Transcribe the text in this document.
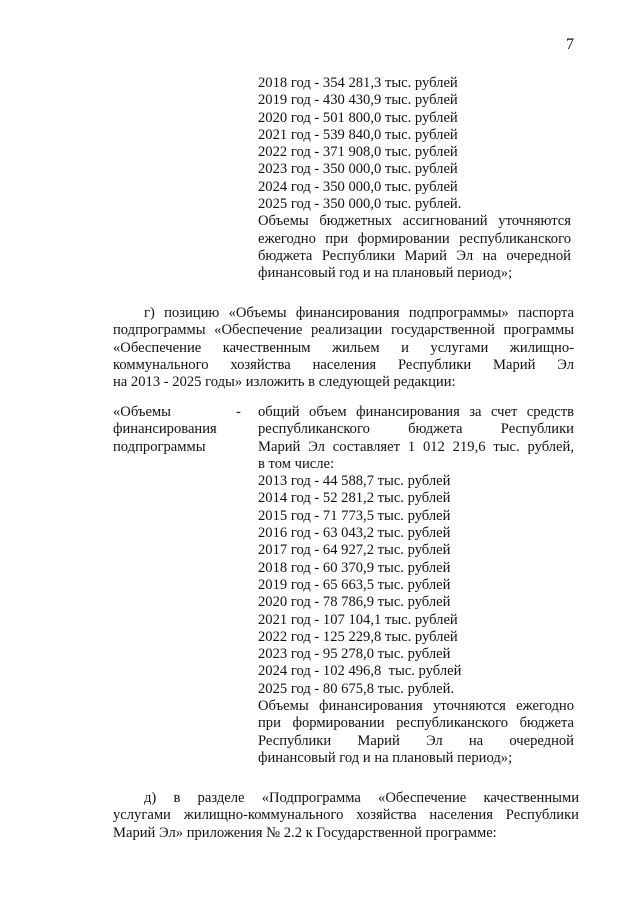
7
2018 год - 354 281,3 тыс. рублей
2019 год - 430 430,9 тыс. рублей
2020 год - 501 800,0 тыс. рублей
2021 год - 539 840,0 тыс. рублей
2022 год - 371 908,0 тыс. рублей
2023 год - 350 000,0 тыс. рублей
2024 год - 350 000,0 тыс. рублей
2025 год - 350 000,0 тыс. рублей.
Объемы бюджетных ассигнований уточняются
ежегодно при формировании республиканского
бюджета Республики Марий Эл на очередной
финансовый год и на плановый период»;
г) позицию «Объемы финансирования подпрограммы» паспорта
подпрограммы «Обеспечение реализации государственной программы
«Обеспечение качественным жильем и услугами жилищно-
коммунального хозяйства населения Республики Марий Эл
на 2013 - 2025 годы» изложить в следующей редакции:
«Объемы
финансирования
подпрограммы
- общий объем финансирования за счет средств
республиканского бюджета Республики
Марий Эл составляет 1 012 219,6 тыс. рублей,
в том числе:
2013 год - 44 588,7 тыс. рублей
2014 год - 52 281,2 тыс. рублей
2015 год - 71 773,5 тыс. рублей
2016 год - 63 043,2 тыс. рублей
2017 год - 64 927,2 тыс. рублей
2018 год - 60 370,9 тыс. рублей
2019 год - 65 663,5 тыс. рублей
2020 год - 78 786,9 тыс. рублей
2021 год - 107 104,1 тыс. рублей
2022 год - 125 229,8 тыс. рублей
2023 год - 95 278,0 тыс. рублей
2024 год - 102 496,8  тыс. рублей
2025 год - 80 675,8 тыс. рублей.
Объемы финансирования уточняются ежегодно
при формировании республиканского бюджета
Республики Марий Эл на очередной
финансовый год и на плановый период»;
д) в разделе «Подпрограмма «Обеспечение качественными
услугами жилищно-коммунального хозяйства населения Республики
Марий Эл» приложения № 2.2 к Государственной программе:
